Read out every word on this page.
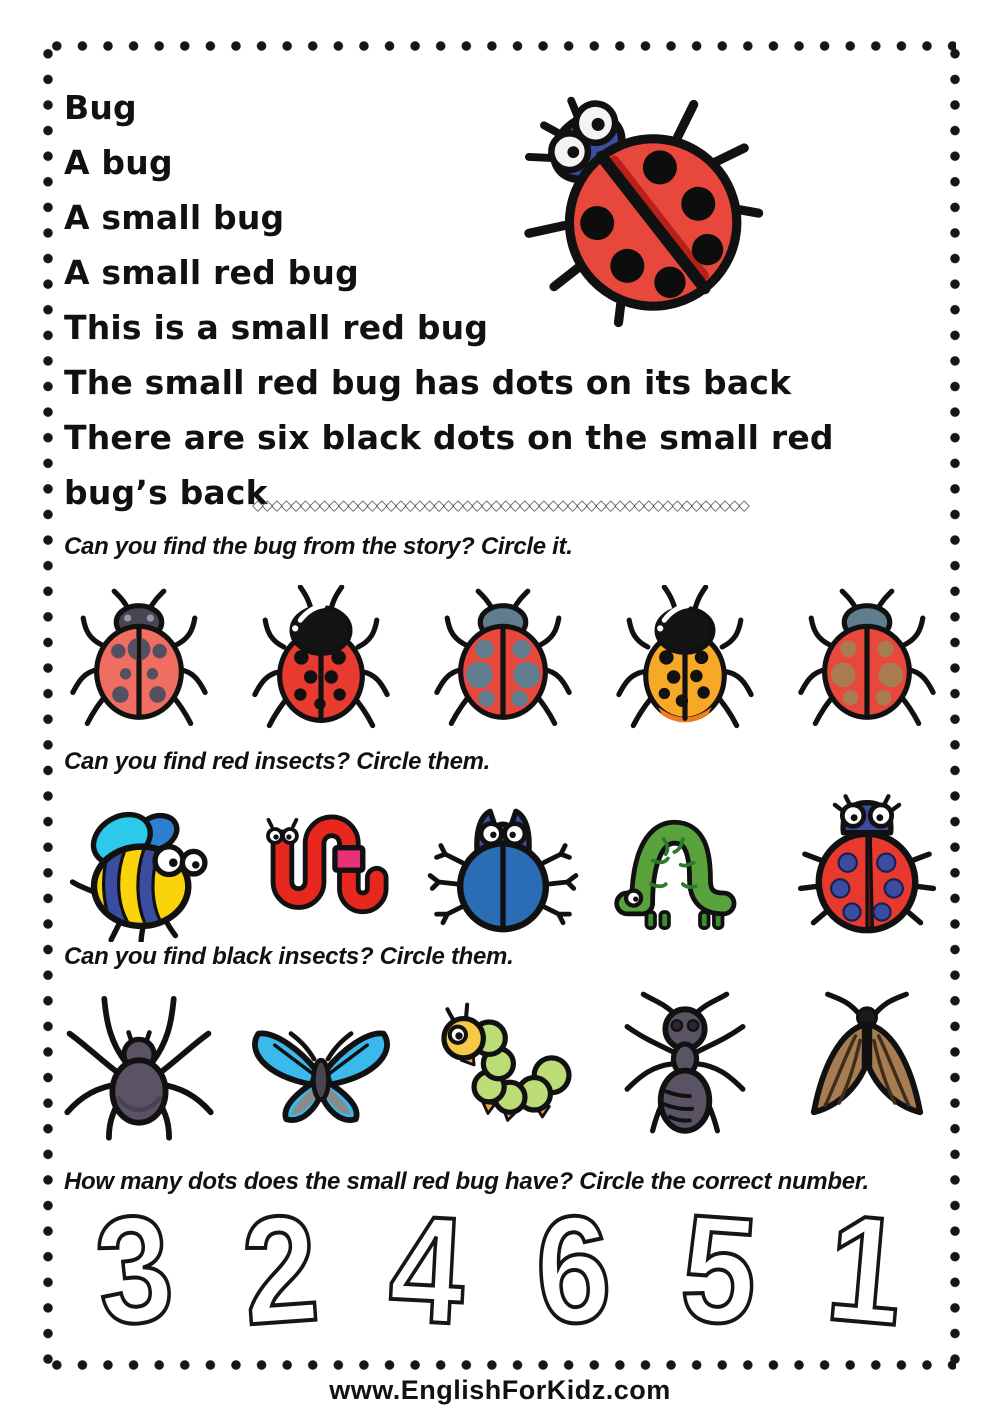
Bug
A bug
A small bug
A small red bug
This is a small red bug
The small red bug has dots on its back
There are six black dots on the small red bug’s back
◇◇◇◇◇◇◇◇◇◇◇◇◇◇◇◇◇◇◇◇◇◇◇◇◇◇◇◇◇◇◇◇◇◇◇◇◇◇◇◇◇◇◇◇◇◇◇◇◇◇◇◇
Can you find the bug from the story? Circle it.
Can you find red insects? Circle them.
Can you find black insects? Circle them.
How many dots does the small red bug have? Circle the correct number.
3 2 4 6 5 1
www.EnglishForKidz.com
